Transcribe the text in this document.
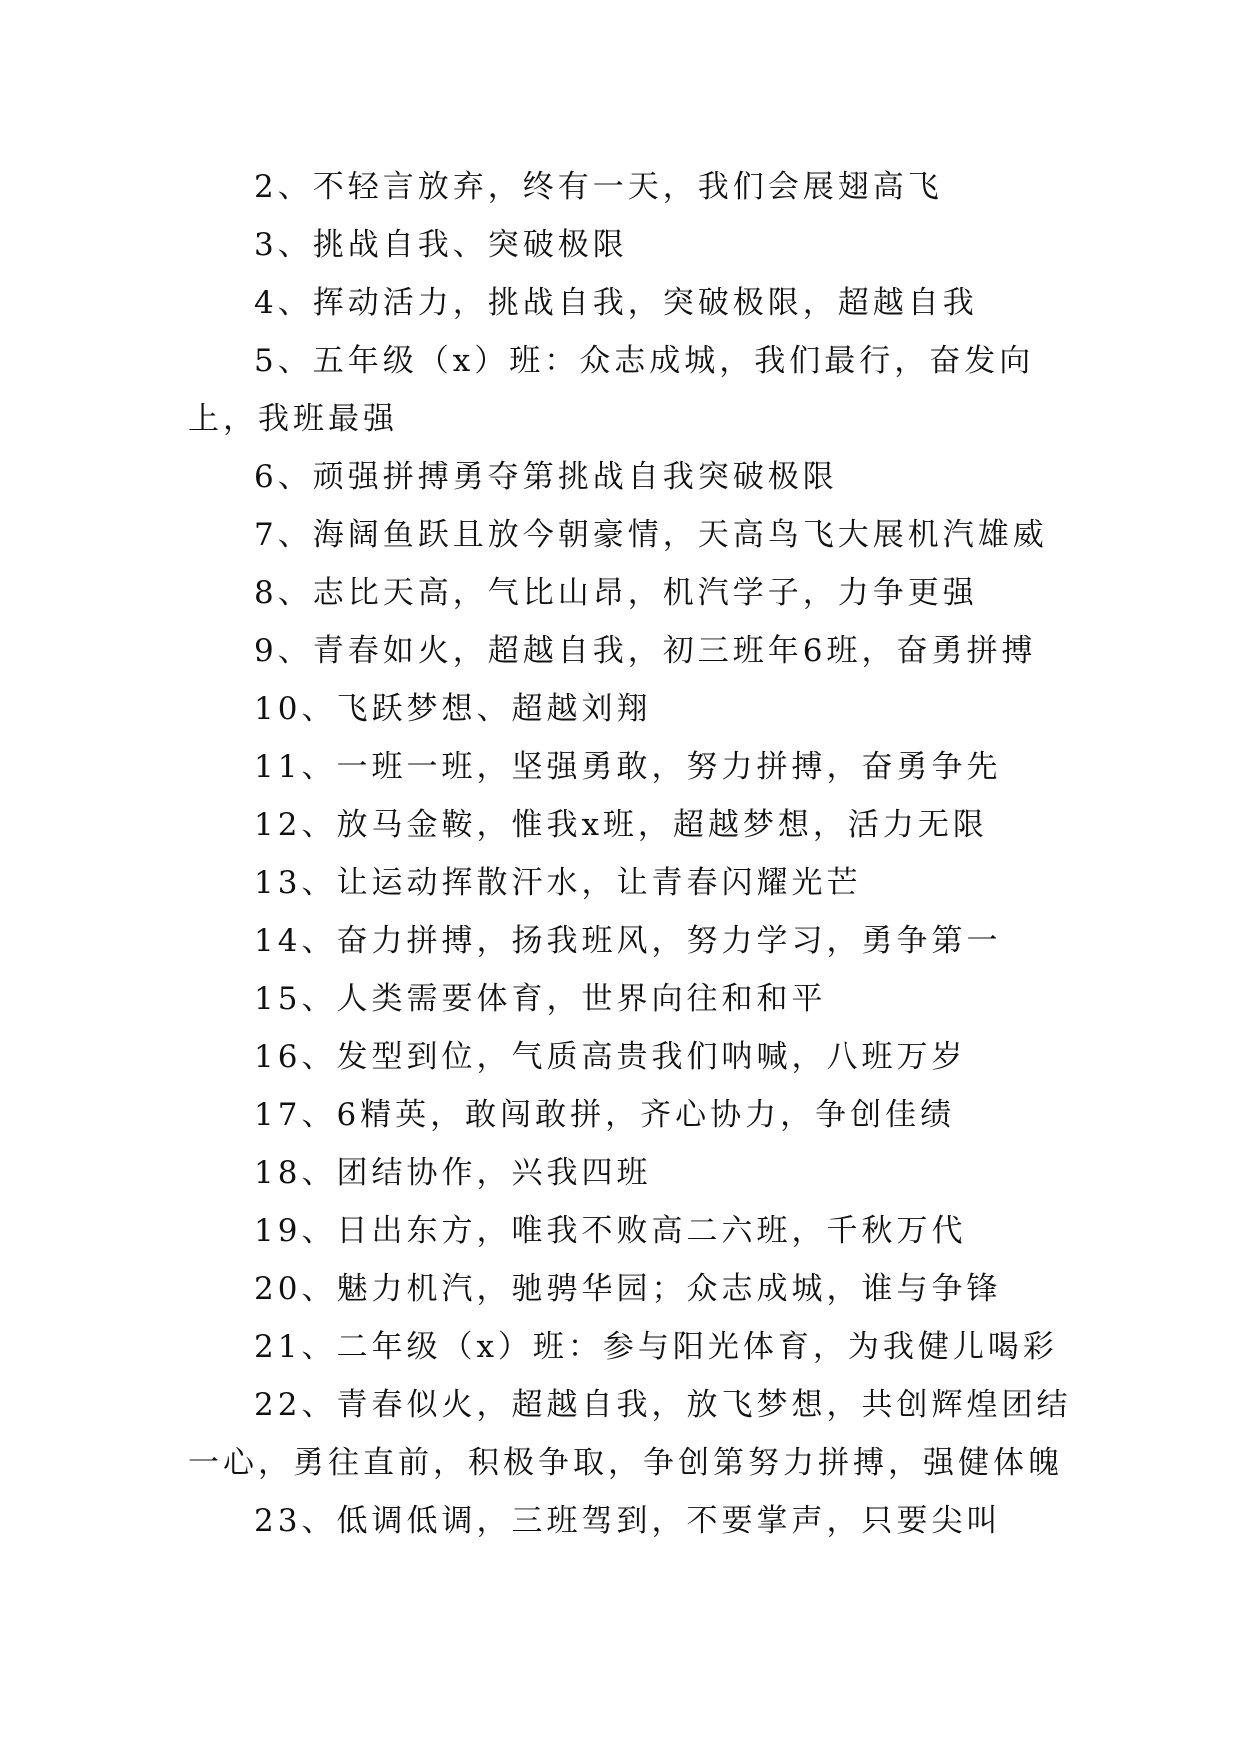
2、不轻言放弃，终有一天，我们会展翅高飞

3、挑战自我、突破极限

4、挥动活力，挑战自我，突破极限，超越自我

5、五年级（x）班：众志成城，我们最行，奋发向上，我班最强

6、顽强拼搏勇夺第挑战自我突破极限

7、海阔鱼跃且放今朝豪情，天高鸟飞大展机汽雄威

8、志比天高，气比山昂，机汽学子，力争更强

9、青春如火，超越自我，初三班年6班，奋勇拼搏

10、飞跃梦想、超越刘翔

11、一班一班，坚强勇敢，努力拼搏，奋勇争先

12、放马金鞍，惟我x班，超越梦想，活力无限

13、让运动挥散汗水，让青春闪耀光芒

14、奋力拼搏，扬我班风，努力学习，勇争第一

15、人类需要体育，世界向往和和平

16、发型到位，气质高贵我们呐喊，八班万岁

17、6精英，敢闯敢拼，齐心协力，争创佳绩

18、团结协作，兴我四班

19、日出东方，唯我不败高二六班，千秋万代

20、魅力机汽，驰骋华园；众志成城，谁与争锋

21、二年级（x）班：参与阳光体育，为我健儿喝彩

22、青春似火，超越自我，放飞梦想，共创辉煌团结一心，勇往直前，积极争取，争创第努力拼搏，强健体魄

23、低调低调，三班驾到，不要掌声，只要尖叫
